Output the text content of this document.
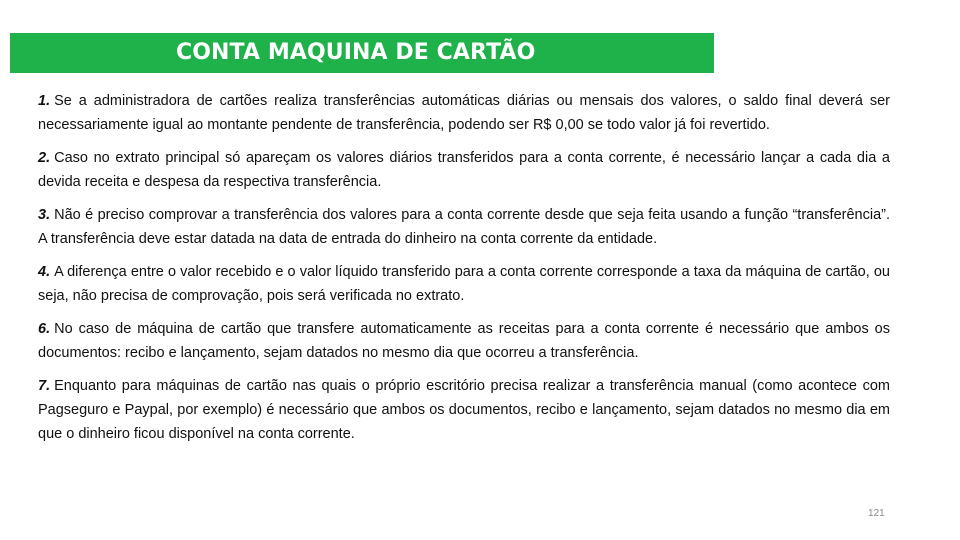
CONTA MAQUINA DE CARTÃO

1. Se a administradora de cartões realiza transferências automáticas diárias ou mensais dos valores, o saldo final deverá ser necessariamente igual ao montante pendente de transferência, podendo ser R$ 0,00 se todo valor já foi revertido.

2. Caso no extrato principal só apareçam os valores diários transferidos para a conta corrente, é necessário lançar a cada dia a devida receita e despesa da respectiva transferência.

3. Não é preciso comprovar a transferência dos valores para a conta corrente desde que seja feita usando a função “transferência”. A transferência deve estar datada na data de entrada do dinheiro na conta corrente da entidade.

4. A diferença entre o valor recebido e o valor líquido transferido para a conta corrente corresponde a taxa da máquina de cartão, ou seja, não precisa de comprovação, pois será verificada no extrato.

6. No caso de máquina de cartão que transfere automaticamente as receitas para a conta corrente é necessário que ambos os documentos: recibo e lançamento, sejam datados no mesmo dia que ocorreu a transferência.

7. Enquanto para máquinas de cartão nas quais o próprio escritório precisa realizar a transferência manual (como acontece com Pagseguro e Paypal, por exemplo) é necessário que ambos os documentos, recibo e lançamento, sejam datados no mesmo dia em que o dinheiro ficou disponível na conta corrente.

121
